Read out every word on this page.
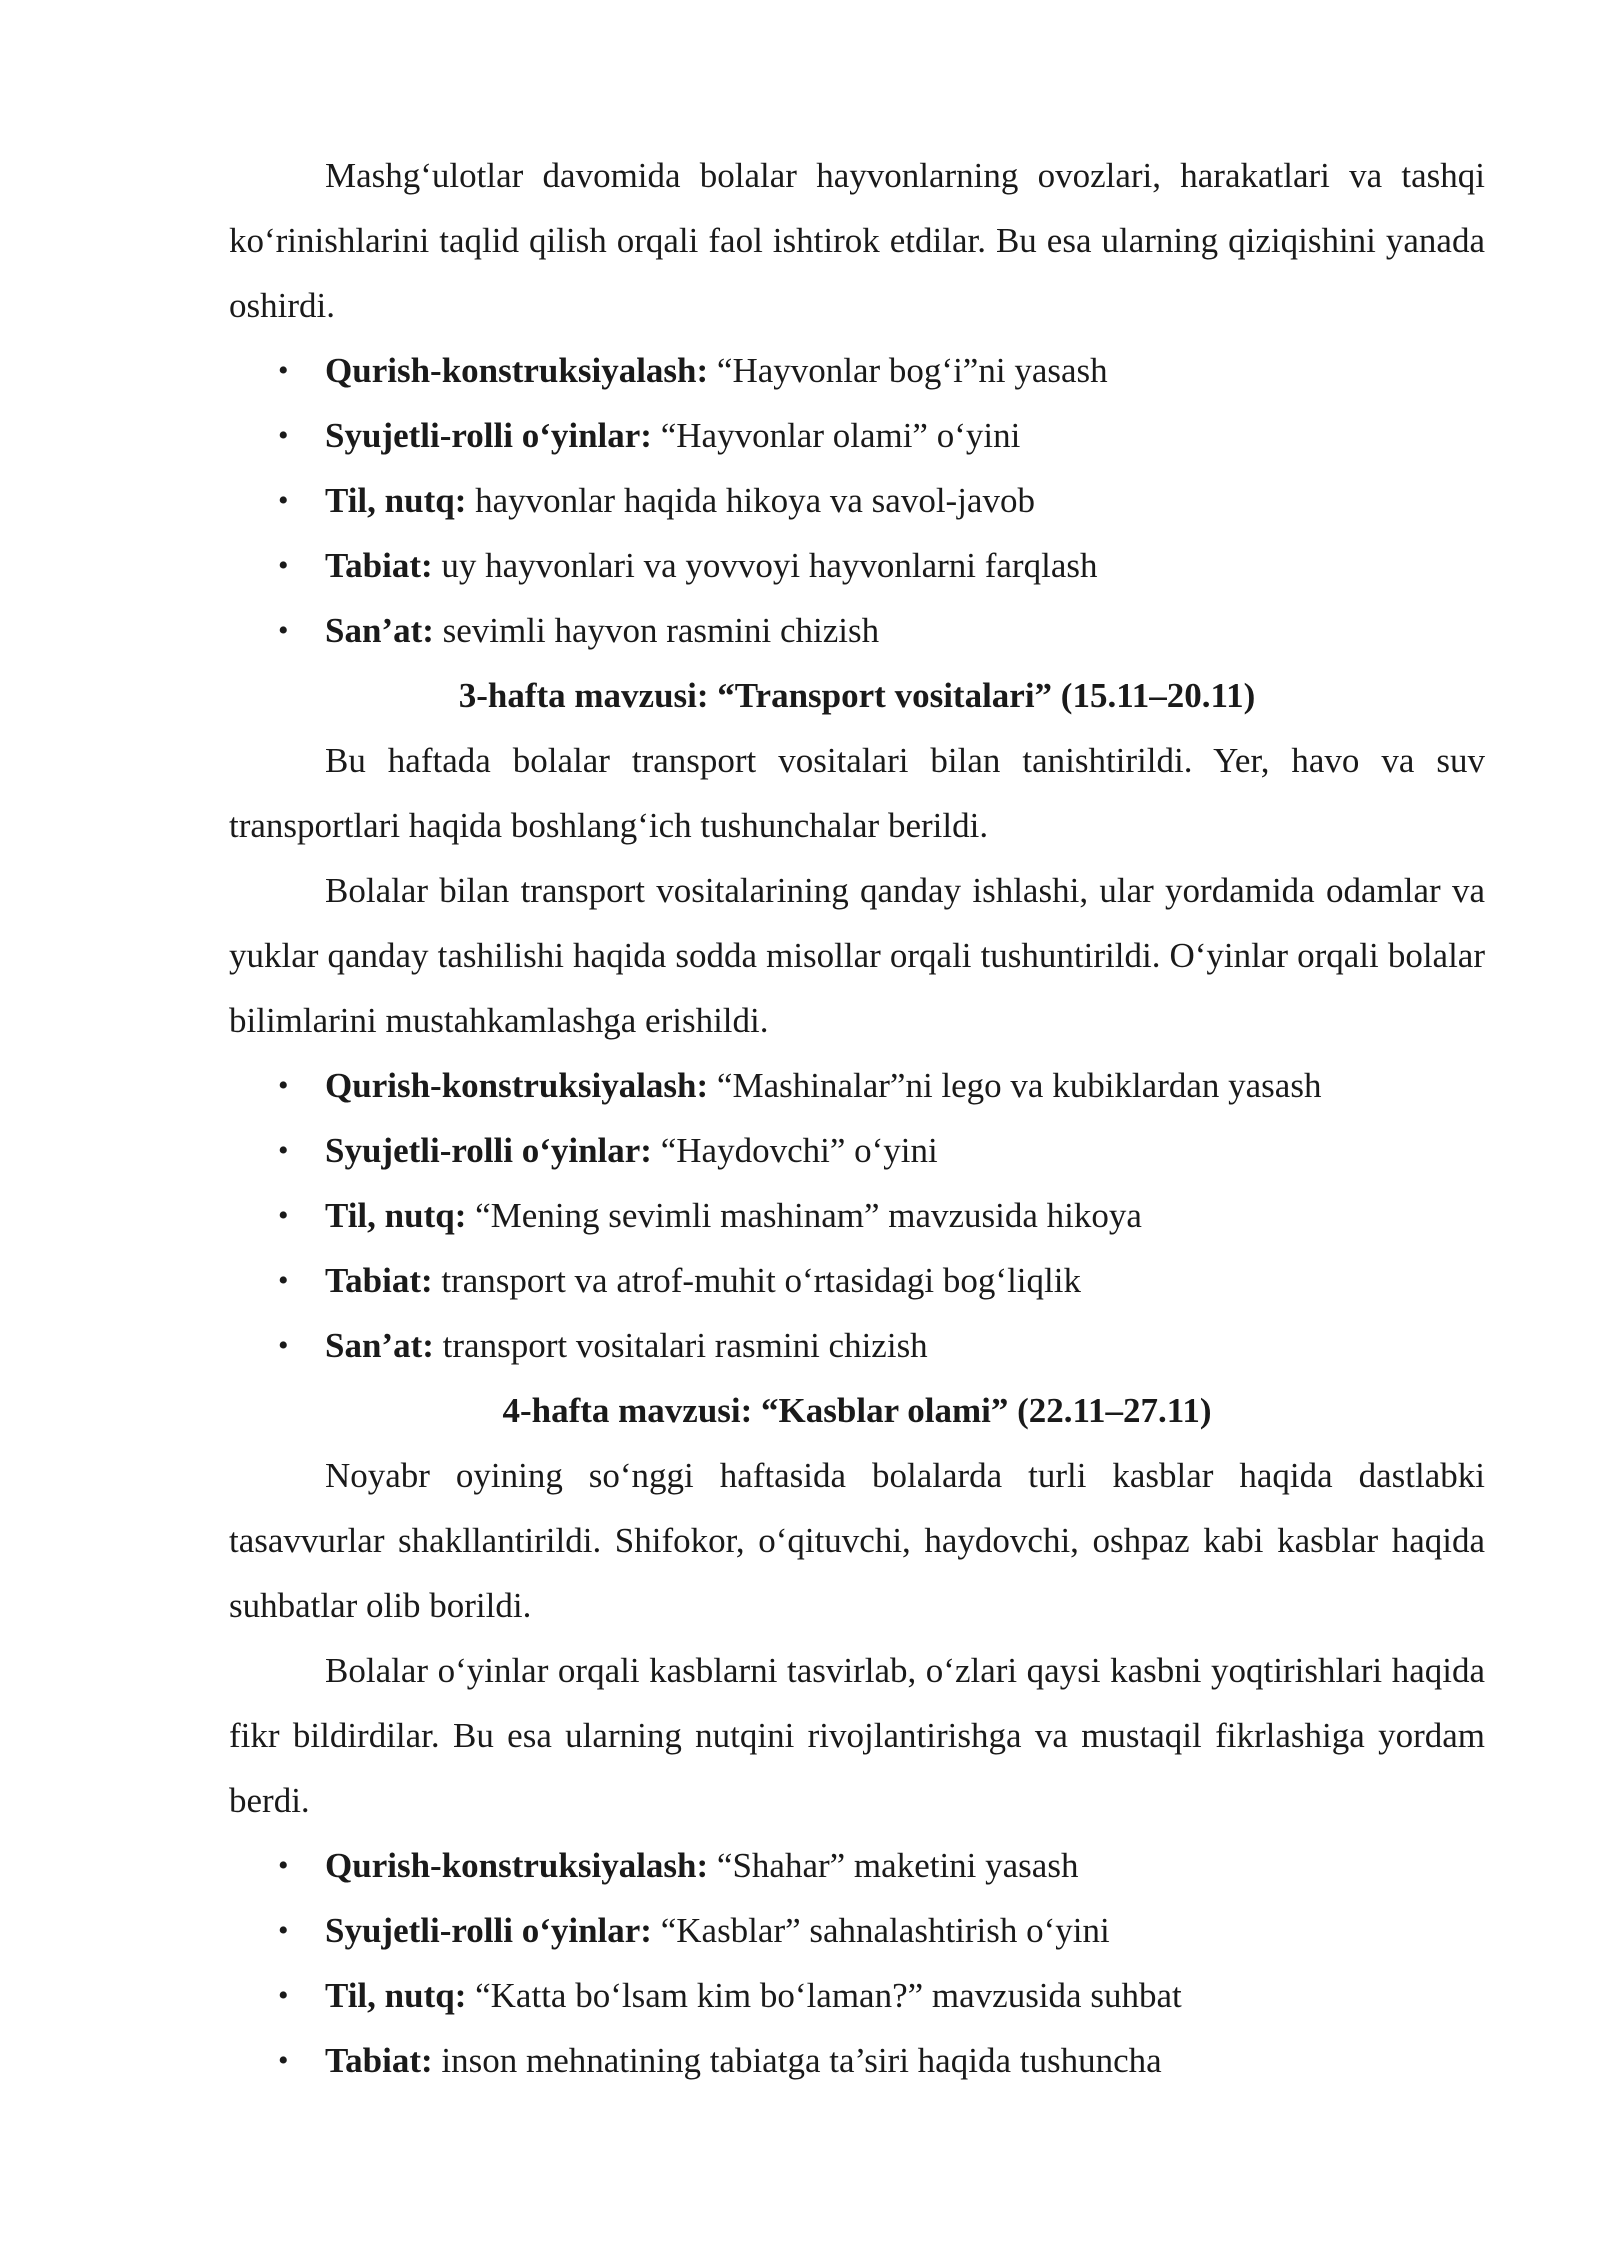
Mashg‘ulotlar davomida bolalar hayvonlarning ovozlari, harakatlari va tashqi ko‘rinishlarini taqlid qilish orqali faol ishtirok etdilar. Bu esa ularning qiziqishini yanada oshirdi.

• Qurish-konstruksiyalash: “Hayvonlar bog‘i”ni yasash
• Syujetli-rolli o‘yinlar: “Hayvonlar olami” o‘yini
• Til, nutq: hayvonlar haqida hikoya va savol-javob
• Tabiat: uy hayvonlari va yovvoyi hayvonlarni farqlash
• San’at: sevimli hayvon rasmini chizish
3-hafta mavzusi: “Transport vositalari” (15.11–20.11)

Bu haftada bolalar transport vositalari bilan tanishtirildi. Yer, havo va suv transportlari haqida boshlang‘ich tushunchalar berildi.

Bolalar bilan transport vositalarining qanday ishlashi, ular yordamida odamlar va yuklar qanday tashilishi haqida sodda misollar orqali tushuntirildi. O‘yinlar orqali bolalar bilimlarini mustahkamlashga erishildi.

• Qurish-konstruksiyalash: “Mashinalar”ni lego va kubiklardan yasash
• Syujetli-rolli o‘yinlar: “Haydovchi” o‘yini
• Til, nutq: “Mening sevimli mashinam” mavzusida hikoya
• Tabiat: transport va atrof-muhit o‘rtasidagi bog‘liqlik
• San’at: transport vositalari rasmini chizish
4-hafta mavzusi: “Kasblar olami” (22.11–27.11)

Noyabr oyining so‘nggi haftasida bolalarda turli kasblar haqida dastlabki tasavvurlar shakllantirildi. Shifokor, o‘qituvchi, haydovchi, oshpaz kabi kasblar haqida suhbatlar olib borildi.

Bolalar o‘yinlar orqali kasblarni tasvirlab, o‘zlari qaysi kasbni yoqtirishlari haqida fikr bildirdilar. Bu esa ularning nutqini rivojlantirishga va mustaqil fikrlashiga yordam berdi.

• Qurish-konstruksiyalash: “Shahar” maketini yasash
• Syujetli-rolli o‘yinlar: “Kasblar” sahnalashtirish o‘yini
• Til, nutq: “Katta bo‘lsam kim bo‘laman?” mavzusida suhbat
• Tabiat: inson mehnatining tabiatga ta’siri haqida tushuncha
